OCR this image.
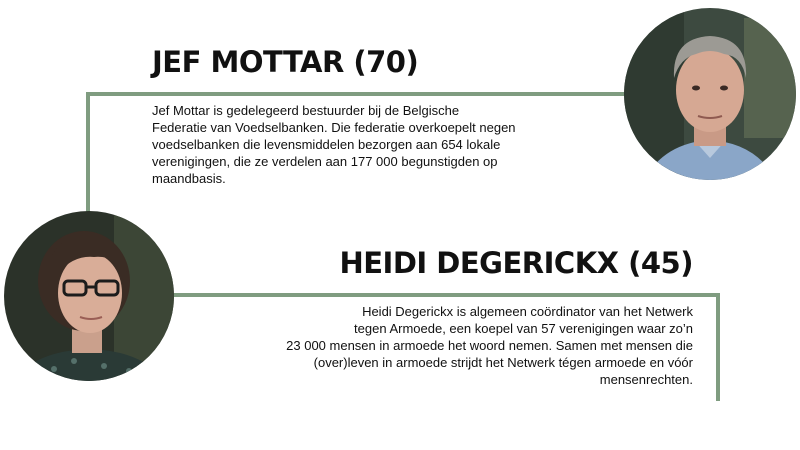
JEF MOTTAR (70)
Jef Mottar is gedelegeerd bestuurder bij de Belgische
Federatie van Voedselbanken. Die federatie overkoepelt negen
voedselbanken die levensmiddelen bezorgen aan 654 lokale
verenigingen, die ze verdelen aan 177 000 begunstigden op
maandbasis.
HEIDI DEGERICKX (45)
Heidi Degerickx is algemeen coördinator van het Netwerk
tegen Armoede, een koepel van 57 verenigingen waar zo’n
23 000 mensen in armoede het woord nemen. Samen met mensen die
(over)leven in armoede strijdt het Netwerk tégen armoede en vóór
mensenrechten.
